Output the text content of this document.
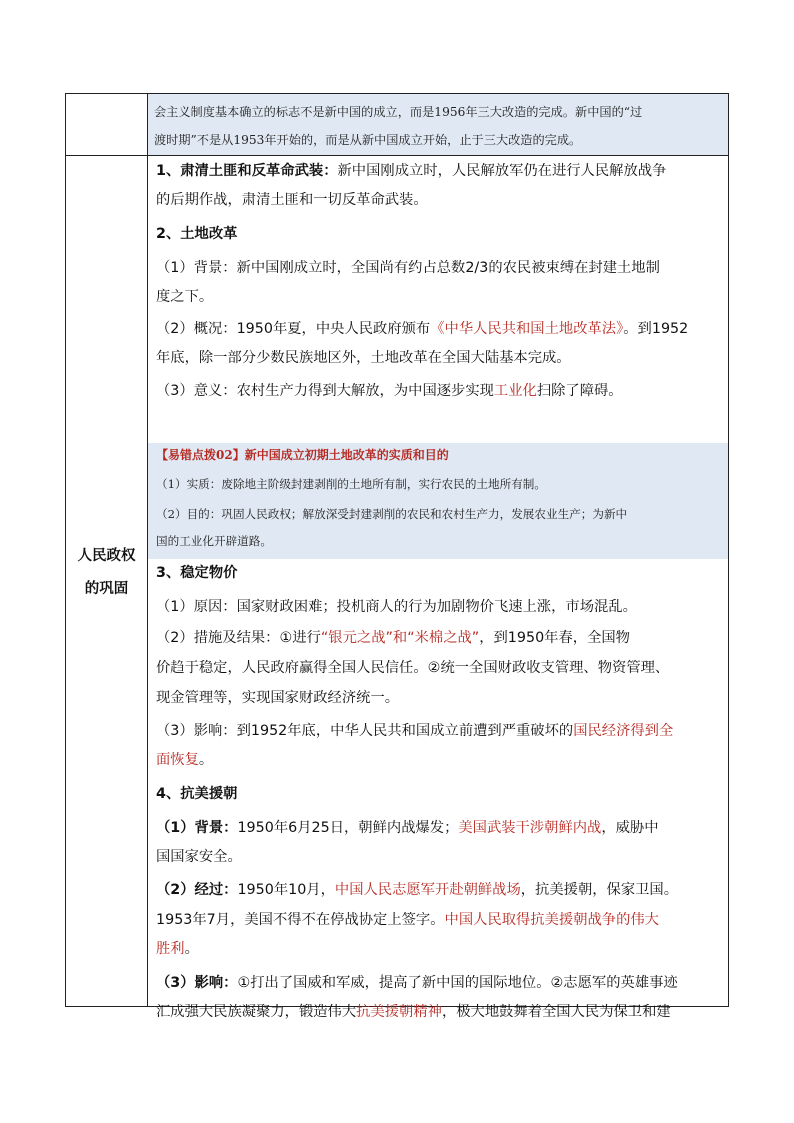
会主义制度基本确立的标志不是新中国的成立，而是1956年三大改造的完成。新中国的“过
渡时期”不是从1953年开始的，而是从新中国成立开始，止于三大改造的完成。
人民政权
的巩固
1、肃清土匪和反革命武装：新中国刚成立时，人民解放军仍在进行人民解放战争
的后期作战，肃清土匪和一切反革命武装。
2、土地改革
（1）背景：新中国刚成立时，全国尚有约占总数2/3的农民被束缚在封建土地制
度之下。
（2）概况：1950年夏，中央人民政府颁布《中华人民共和国土地改革法》。到1952
年底，除一部分少数民族地区外，土地改革在全国大陆基本完成。
（3）意义：农村生产力得到大解放，为中国逐步实现工业化扫除了障碍。
【易错点拨02】新中国成立初期土地改革的实质和目的
（1）实质：废除地主阶级封建剥削的土地所有制，实行农民的土地所有制。
（2）目的：巩固人民政权；解放深受封建剥削的农民和农村生产力，发展农业生产；为新中
国的工业化开辟道路。
3、稳定物价
（1）原因：国家财政困难；投机商人的行为加剧物价飞速上涨，市场混乱。
（2）措施及结果：①进行“银元之战”和“米棉之战”，到1950年春，全国物
价趋于稳定，人民政府赢得全国人民信任。②统一全国财政收支管理、物资管理、
现金管理等，实现国家财政经济统一。
（3）影响：到1952年底，中华人民共和国成立前遭到严重破坏的国民经济得到全
面恢复。
4、抗美援朝
（1）背景：1950年6月25日，朝鲜内战爆发；美国武装干涉朝鲜内战，威胁中
国国家安全。
（2）经过：1950年10月，中国人民志愿军开赴朝鲜战场，抗美援朝，保家卫国。
1953年7月，美国不得不在停战协定上签字。中国人民取得抗美援朝战争的伟大
胜利。
（3）影响：①打出了国威和军威，提高了新中国的国际地位。②志愿军的英雄事迹
汇成强大民族凝聚力，锻造伟大抗美援朝精神，极大地鼓舞着全国人民为保卫和建
